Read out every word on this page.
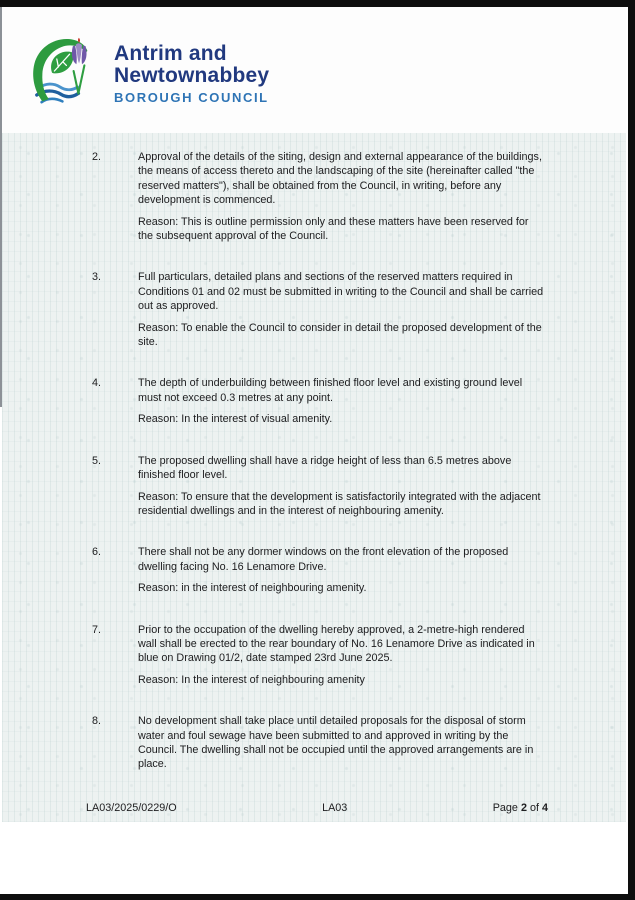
Antrim and
Newtownabbey
BOROUGH COUNCIL
2.	Approval of the details of the siting, design and external appearance of the buildings, the means of access thereto and the landscaping of the site (hereinafter called "the reserved matters"), shall be obtained from the Council, in writing, before any development is commenced.

Reason: This is outline permission only and these matters have been reserved for the subsequent approval of the Council.

3.	Full particulars, detailed plans and sections of the reserved matters required in Conditions 01 and 02 must be submitted in writing to the Council and shall be carried out as approved.

Reason: To enable the Council to consider in detail the proposed development of the site.

4.	The depth of underbuilding between finished floor level and existing ground level must not exceed 0.3 metres at any point.

Reason: In the interest of visual amenity.

5.	The proposed dwelling shall have a ridge height of less than 6.5 metres above finished floor level.

Reason: To ensure that the development is satisfactorily integrated with the adjacent residential dwellings and in the interest of neighbouring amenity.

6.	There shall not be any dormer windows on the front elevation of the proposed dwelling facing No. 16 Lenamore Drive.

Reason: in the interest of neighbouring amenity.

7.	Prior to the occupation of the dwelling hereby approved, a 2-metre-high rendered wall shall be erected to the rear boundary of No. 16 Lenamore Drive as indicated in blue on Drawing 01/2, date stamped 23rd June 2025.

Reason: In the interest of neighbouring amenity

8.	No development shall take place until detailed proposals for the disposal of storm water and foul sewage have been submitted to and approved in writing by the Council. The dwelling shall not be occupied until the approved arrangements are in place.

LA03/2025/0229/O	LA03	Page 2 of 4
